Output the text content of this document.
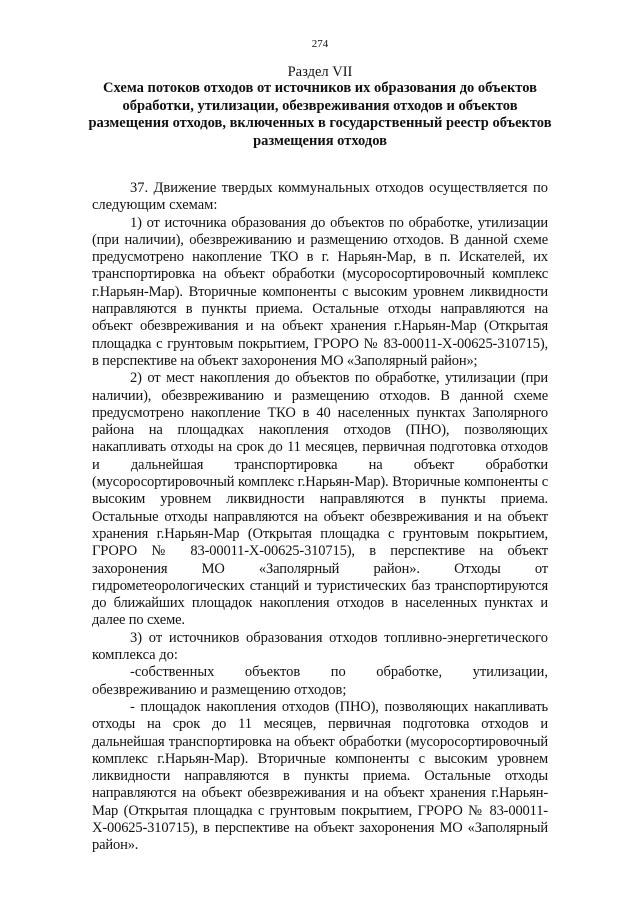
274
Раздел VII
Схема потоков отходов от источников их образования до объектов обработки, утилизации, обезвреживания отходов и объектов размещения отходов, включенных в государственный реестр объектов размещения отходов

37. Движение твердых коммунальных отходов осуществляется по следующим схемам:

1) от источника образования до объектов по обработке, утилизации (при наличии), обезвреживанию и размещению отходов. В данной схеме предусмотрено накопление ТКО в г. Нарьян-Мар, в п. Искателей, их транспортировка на объект обработки (мусоросортировочный комплекс г.Нарьян-Мар). Вторичные компоненты с высоким уровнем ликвидности направляются в пункты приема. Остальные отходы направляются на объект обезвреживания и на объект хранения г.Нарьян-Мар (Открытая площадка с грунтовым покрытием, ГРОРО № 83-00011-Х-00625-310715), в перспективе на объект захоронения МО «Заполярный район»;

2) от мест накопления до объектов по обработке, утилизации (при наличии), обезвреживанию и размещению отходов. В данной схеме предусмотрено накопление ТКО в 40 населенных пунктах Заполярного района на площадках накопления отходов (ПНО), позволяющих накапливать отходы на срок до 11 месяцев, первичная подготовка отходов и дальнейшая транспортировка на объект обработки (мусоросортировочный комплекс г.Нарьян-Мар). Вторичные компоненты с высоким уровнем ликвидности направляются в пункты приема. Остальные отходы направляются на объект обезвреживания и на объект хранения г.Нарьян-Мар (Открытая площадка с грунтовым покрытием, ГРОРО № 83-00011-Х-00625-310715), в перспективе на объект захоронения МО «Заполярный район». Отходы от гидрометеорологических станций и туристических баз транспортируются до ближайших площадок накопления отходов в населенных пунктах и далее по схеме.

3) от источников образования отходов топливно-энергетического комплекса до:

-собственных объектов по обработке, утилизации, обезвреживанию и размещению отходов;

- площадок накопления отходов (ПНО), позволяющих накапливать отходы на срок до 11 месяцев, первичная подготовка отходов и дальнейшая транспортировка на объект обработки (мусоросортировочный комплекс г.Нарьян-Мар). Вторичные компоненты с высоким уровнем ликвидности направляются в пункты приема. Остальные отходы направляются на объект обезвреживания и на объект хранения г.Нарьян-Мар (Открытая площадка с грунтовым покрытием, ГРОРО № 83-00011-Х-00625-310715), в перспективе на объект захоронения МО «Заполярный район».
